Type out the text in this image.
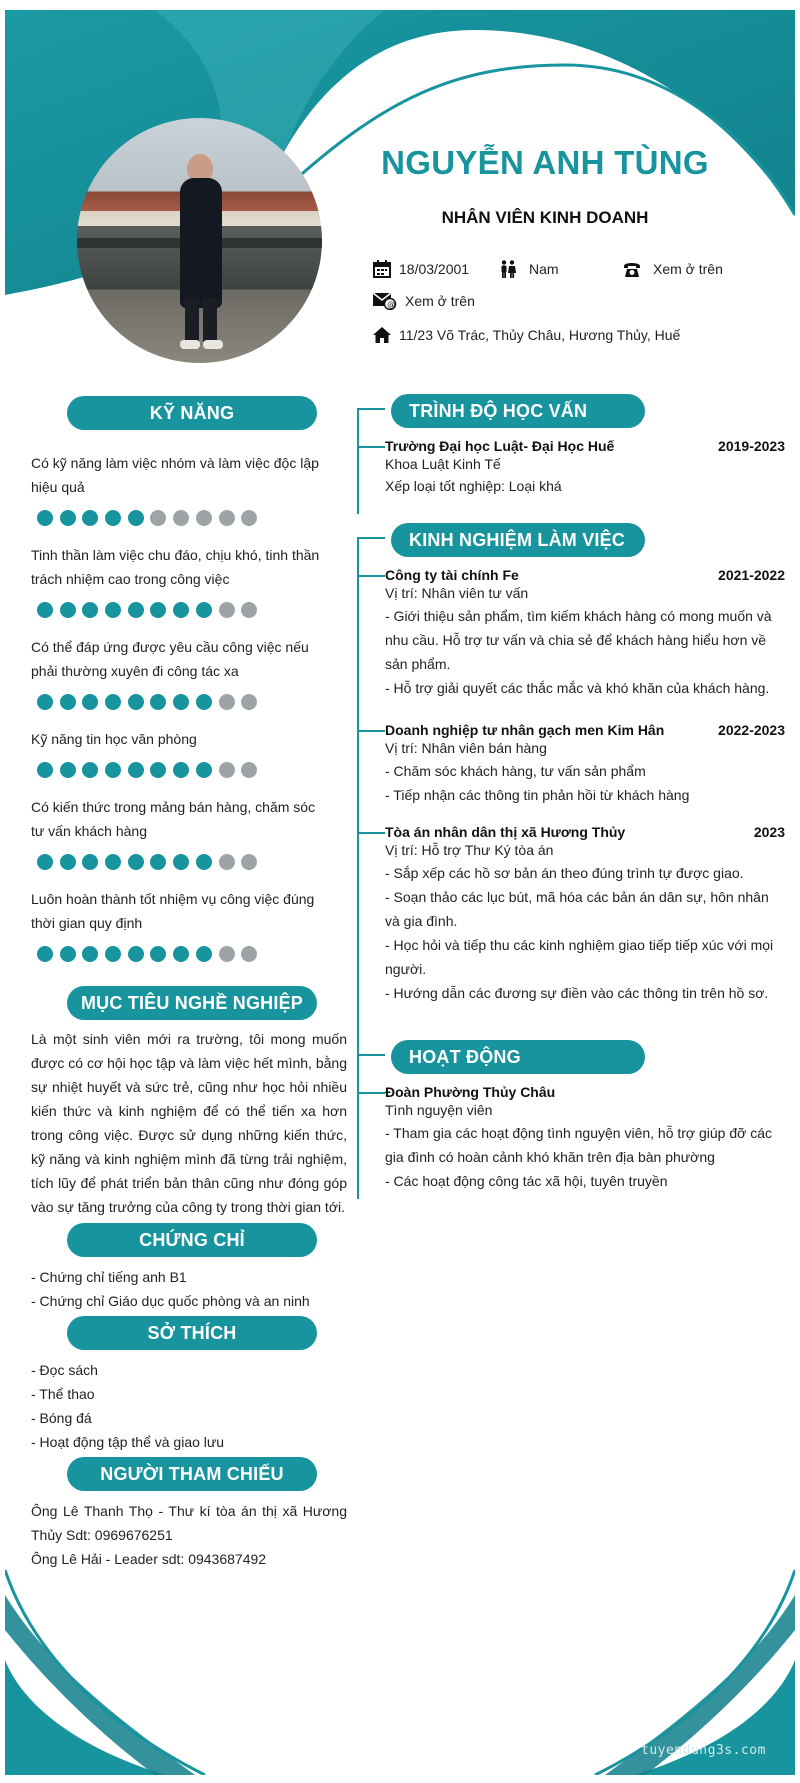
NGUYỄN ANH TÙNG
NHÂN VIÊN KINH DOANH
18/03/2001	Nam	Xem ở trên
@ Xem ở trên
11/23 Võ Trác, Thủy Châu, Hương Thủy, Huế
KỸ NĂNG
Có kỹ năng làm việc nhóm và làm việc độc lập hiệu quả
Tinh thần làm việc chu đáo, chịu khó, tinh thần trách nhiệm cao trong công việc
Có thể đáp ứng được yêu cầu công việc nếu phải thường xuyên đi công tác xa
Kỹ năng tin học văn phòng
Có kiến thức trong mảng bán hàng, chăm sóc tư vấn khách hàng
Luôn hoàn thành tốt nhiệm vụ công việc đúng thời gian quy định
MỤC TIÊU NGHỀ NGHIỆP
Là một sinh viên mới ra trường, tôi mong muốn được có cơ hội học tập và làm việc hết mình, bằng sự nhiệt huyết và sức trẻ, cũng như học hỏi nhiều kiến thức và kinh nghiệm để có thể tiến xa hơn trong công việc. Được sử dụng những kiến thức, kỹ năng và kinh nghiệm mình đã từng trải nghiệm, tích lũy để phát triển bản thân cũng như đóng góp vào sự tăng trưởng của công ty trong thời gian tới.
CHỨNG CHỈ
- Chứng chỉ tiếng anh B1
- Chứng chỉ Giáo dục quốc phòng và an ninh
SỞ THÍCH
- Đọc sách
- Thể thao
- Bóng đá
- Hoạt động tập thể và giao lưu
NGƯỜI THAM CHIẾU
Ông Lê Thanh Thọ - Thư kí tòa án thị xã Hương Thủy Sdt: 0969676251
Ông Lê Hải - Leader sdt: 0943687492
TRÌNH ĐỘ HỌC VẤN
Trường Đại học Luật- Đại Học Huế	2019-2023
Khoa Luật Kinh Tế
Xếp loại tốt nghiệp: Loại khá
KINH NGHIỆM LÀM VIỆC
Công ty tài chính Fe	2021-2022
Vị trí: Nhân viên tư vấn
- Giới thiệu sản phẩm, tìm kiếm khách hàng có mong muốn và nhu cầu. Hỗ trợ tư vấn và chia sẻ để khách hàng hiểu hơn về sản phẩm.
- Hỗ trợ giải quyết các thắc mắc và khó khăn của khách hàng.
Doanh nghiệp tư nhân gạch men Kim Hân	2022-2023
Vị trí: Nhân viên bán hàng
- Chăm sóc khách hàng, tư vấn sản phẩm
- Tiếp nhận các thông tin phản hồi từ khách hàng
Tòa án nhân dân thị xã Hương Thủy	2023
Vị trí: Hỗ trợ Thư Ký tòa án
- Sắp xếp các hồ sơ bản án theo đúng trình tự được giao.
- Soạn thảo các lục bút, mã hóa các bản án dân sự, hôn nhân và gia đình.
- Học hỏi và tiếp thu các kinh nghiệm giao tiếp tiếp xúc với mọi người.
- Hướng dẫn các đương sự điền vào các thông tin trên hồ sơ.
HOẠT ĐỘNG
Đoàn Phường Thủy Châu
Tình nguyện viên
- Tham gia các hoạt động tình nguyện viên, hỗ trợ giúp đỡ các gia đình có hoàn cảnh khó khăn trên địa bàn phường
- Các hoạt động công tác xã hội, tuyên truyền
tuyendung3s.com
